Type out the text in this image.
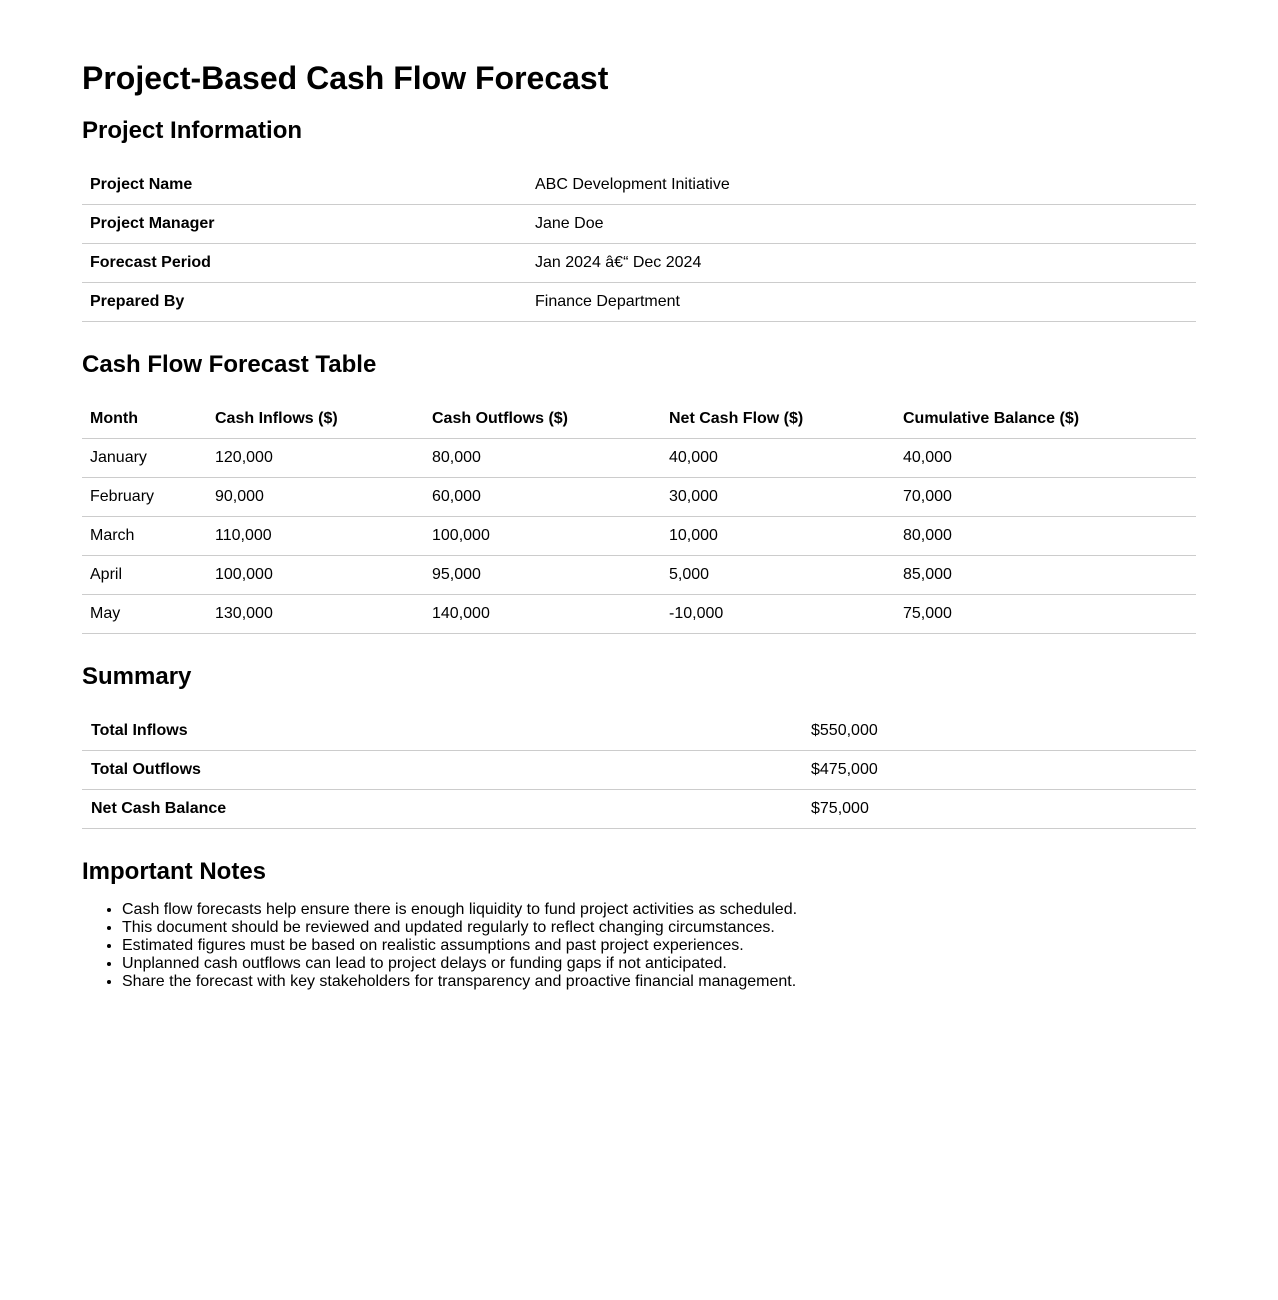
Project-Based Cash Flow Forecast
Project Information
Project Name	ABC Development Initiative
Project Manager	Jane Doe
Forecast Period	Jan 2024 â€“ Dec 2024
Prepared By	Finance Department
Cash Flow Forecast Table
Month	Cash Inflows ($)	Cash Outflows ($)	Net Cash Flow ($)	Cumulative Balance ($)
January	120,000	80,000	40,000	40,000
February	90,000	60,000	30,000	70,000
March	110,000	100,000	10,000	80,000
April	100,000	95,000	5,000	85,000
May	130,000	140,000	-10,000	75,000
Summary
Total Inflows	$550,000
Total Outflows	$475,000
Net Cash Balance	$75,000
Important Notes
• Cash flow forecasts help ensure there is enough liquidity to fund project activities as scheduled.
• This document should be reviewed and updated regularly to reflect changing circumstances.
• Estimated figures must be based on realistic assumptions and past project experiences.
• Unplanned cash outflows can lead to project delays or funding gaps if not anticipated.
• Share the forecast with key stakeholders for transparency and proactive financial management.
